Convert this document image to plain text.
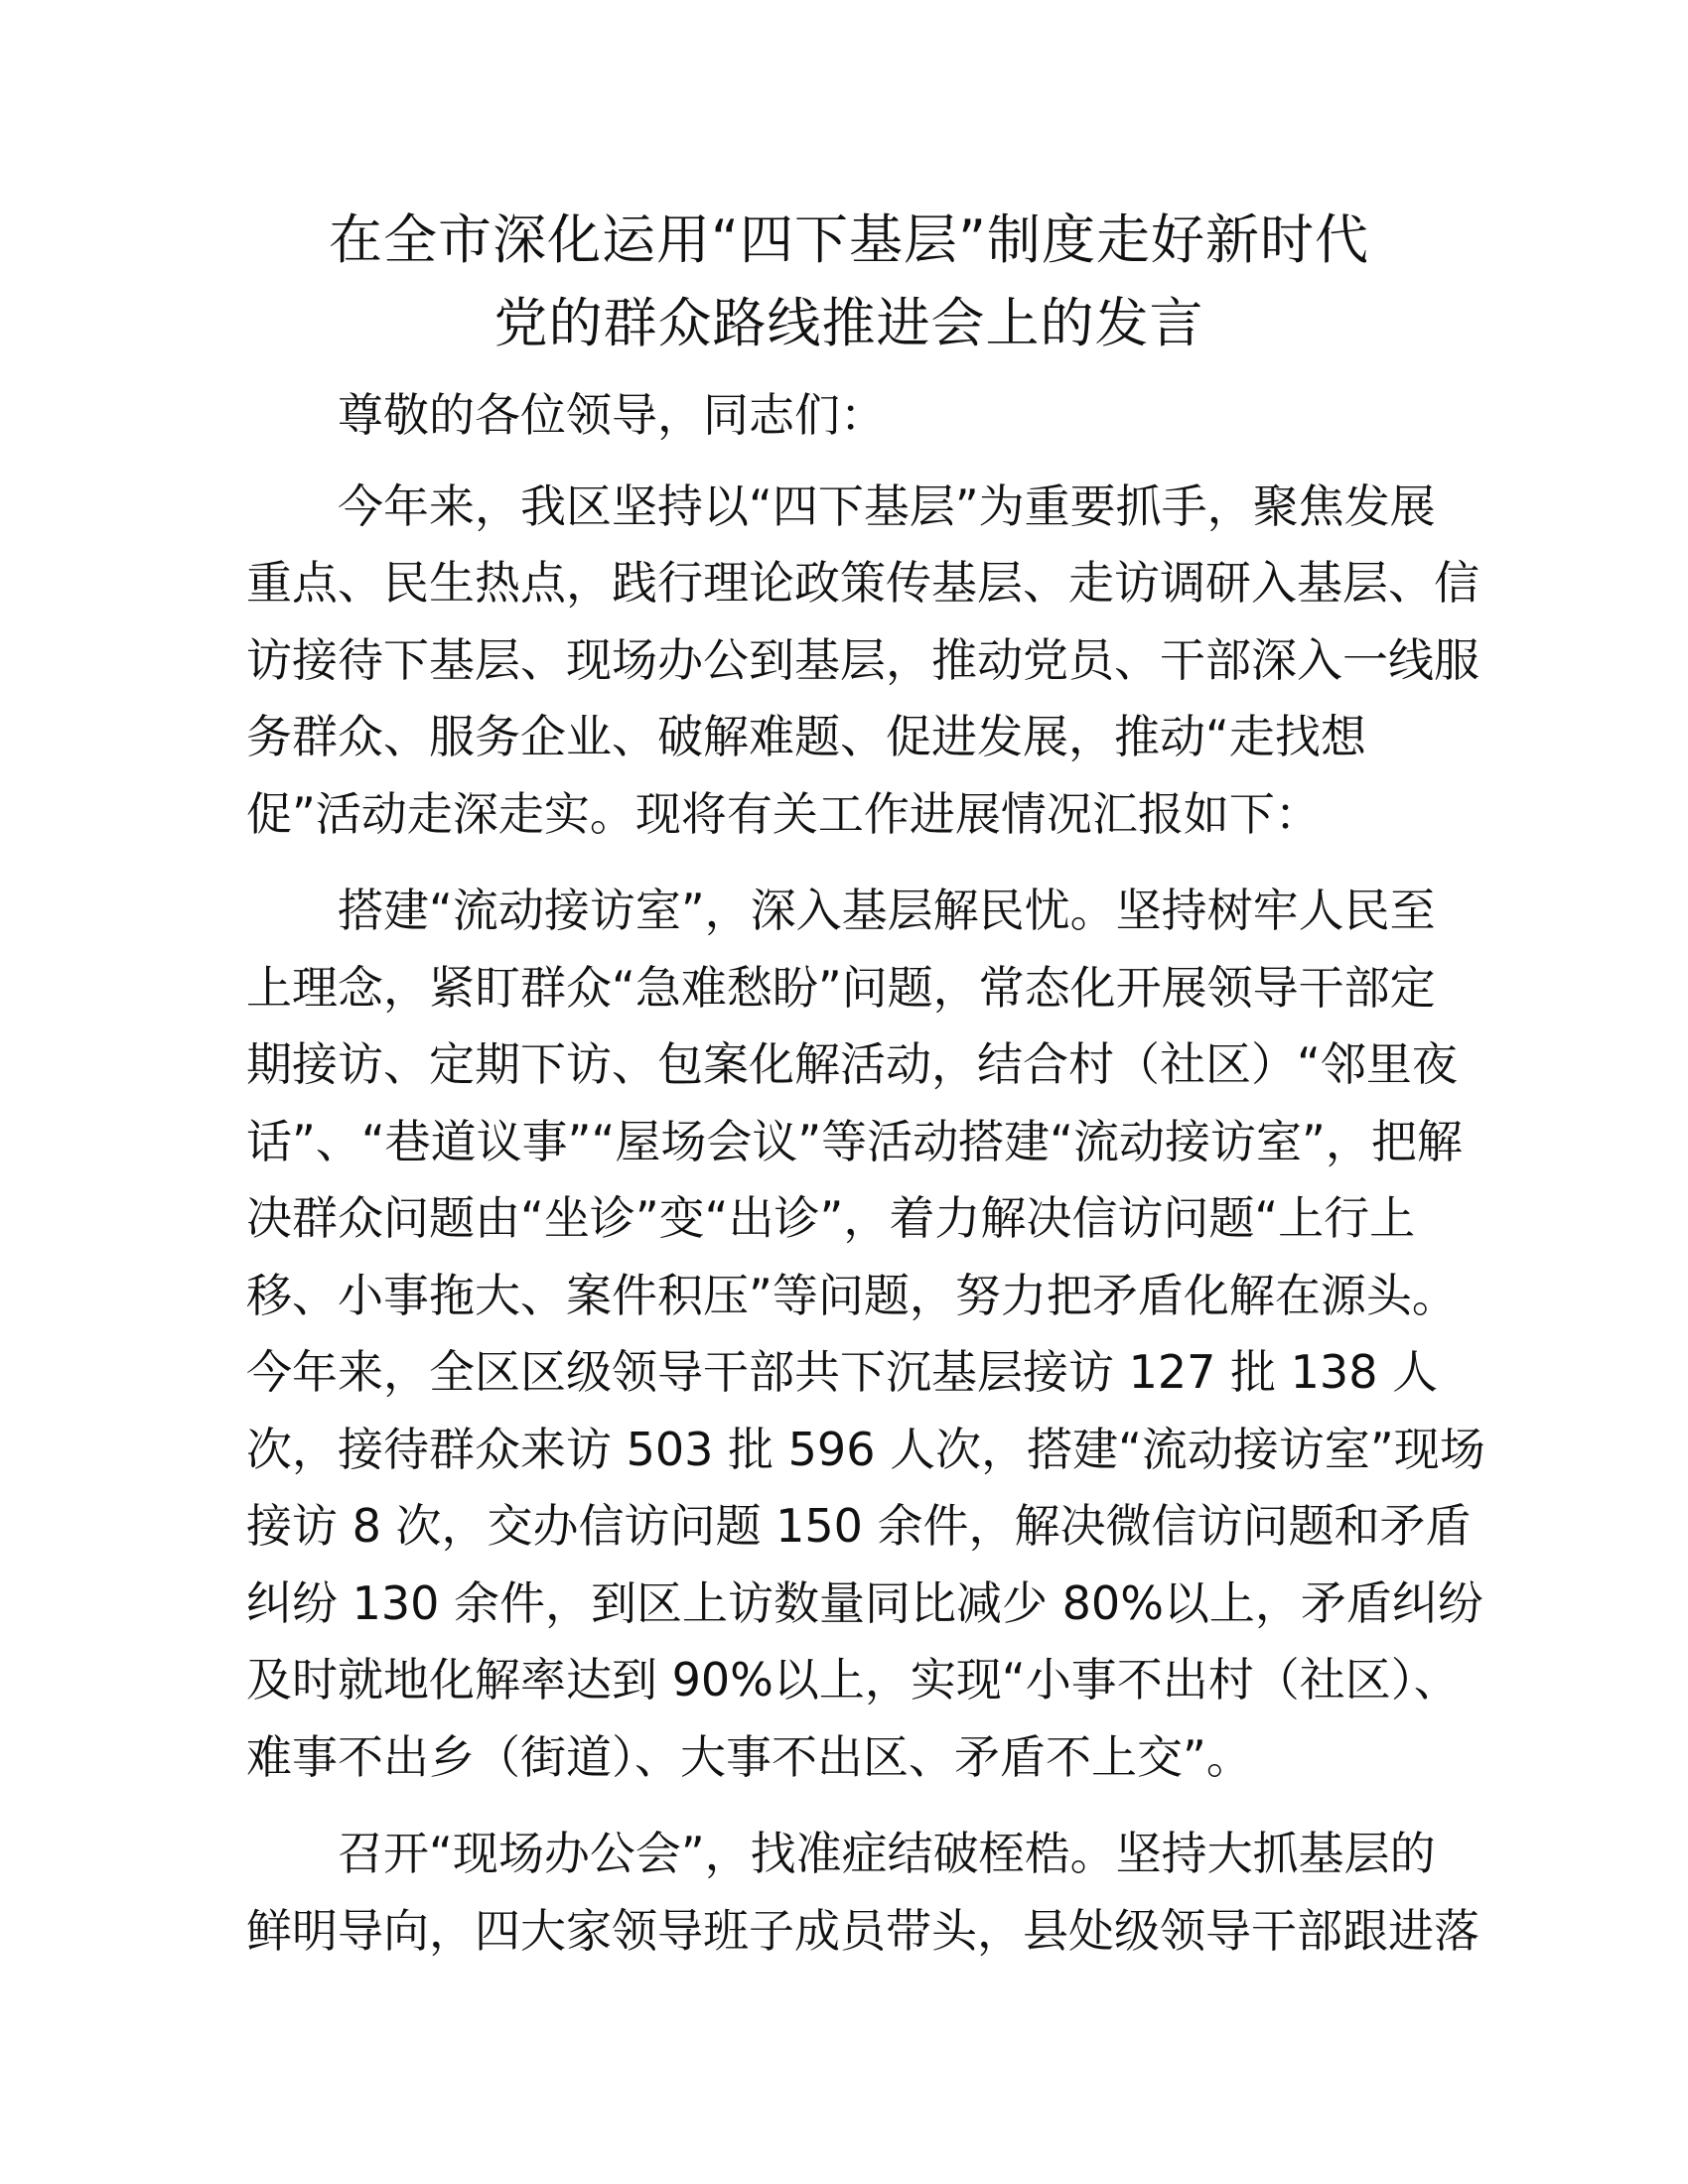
在全市深化运用“四下基层”制度走好新时代
党的群众路线推进会上的发言

尊敬的各位领导，同志们：

今年来，我区坚持以“四下基层”为重要抓手，聚焦发展
重点、民生热点，践行理论政策传基层、走访调研入基层、信
访接待下基层、现场办公到基层，推动党员、干部深入一线服
务群众、服务企业、破解难题、促进发展，推动“走找想
促”活动走深走实。现将有关工作进展情况汇报如下：

搭建“流动接访室”，深入基层解民忧。坚持树牢人民至
上理念，紧盯群众“急难愁盼”问题，常态化开展领导干部定
期接访、定期下访、包案化解活动，结合村（社区）“邻里夜
话”、“巷道议事”“屋场会议”等活动搭建“流动接访室”，把解
决群众问题由“坐诊”变“出诊”，着力解决信访问题“上行上
移、小事拖大、案件积压”等问题，努力把矛盾化解在源头。
今年来，全区区级领导干部共下沉基层接访 127 批 138 人
次，接待群众来访 503 批 596 人次，搭建“流动接访室”现场
接访 8 次，交办信访问题 150 余件，解决微信访问题和矛盾
纠纷 130 余件，到区上访数量同比减少 80%以上，矛盾纠纷
及时就地化解率达到 90%以上，实现“小事不出村（社区）、
难事不出乡（街道）、大事不出区、矛盾不上交”。

召开“现场办公会”，找准症结破桎梏。坚持大抓基层的
鲜明导向，四大家领导班子成员带头，县处级领导干部跟进落
